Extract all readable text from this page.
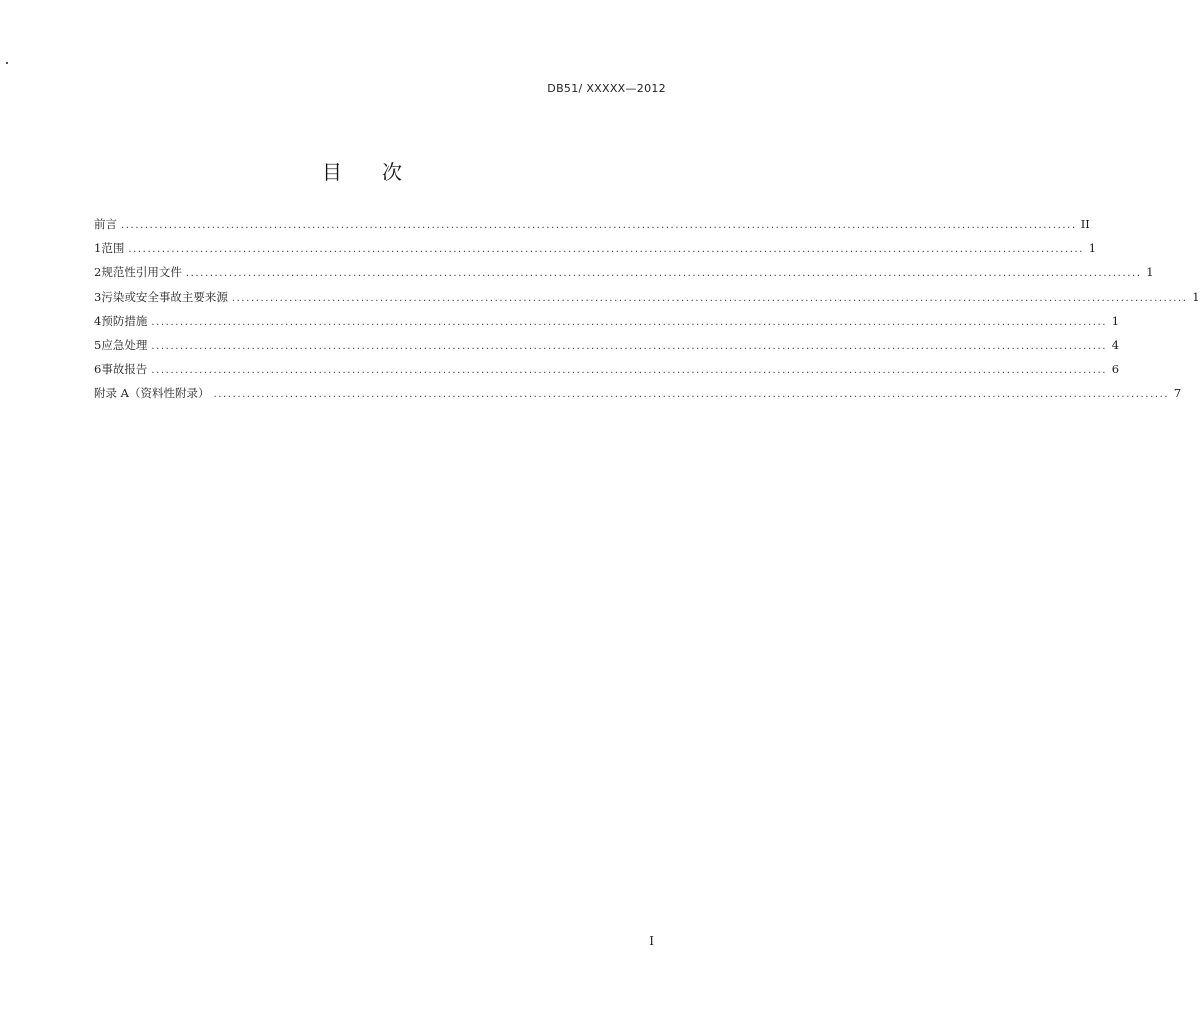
DB51/ XXXXX—2012
目 次
前言 ........................................................................................................................................................................................................ II
1 范围 ........................................................................................................................................................................................................ 1
2 规范性引用文件 ........................................................................................................................................................................................................ 1
3 污染或安全事故主要来源 ........................................................................................................................................................................................................ 1
4 预防措施 ........................................................................................................................................................................................................ 1
5 应急处理 ........................................................................................................................................................................................................ 4
6 事故报告 ........................................................................................................................................................................................................ 6
附录 A（资料性附录） ........................................................................................................................................................................................................ 7
I
